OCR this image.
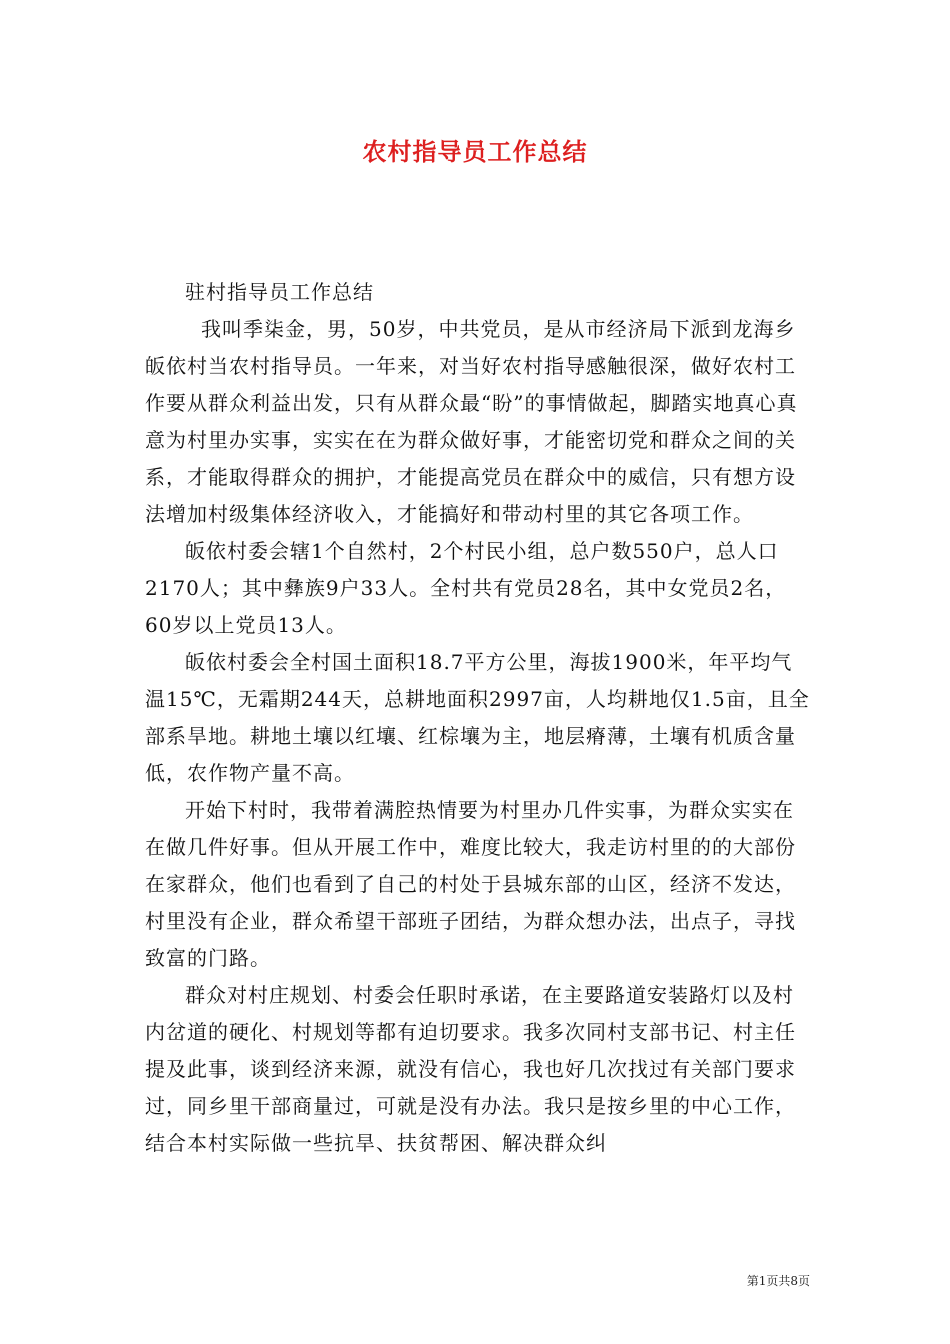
农村指导员工作总结

驻村指导员工作总结

我叫季柒金，男，50岁，中共党员，是从市经济局下派到龙海乡皈依村当农村指导员。一年来，对当好农村指导感触很深，做好农村工作要从群众利益出发，只有从群众最“盼”的事情做起，脚踏实地真心真意为村里办实事，实实在在为群众做好事，才能密切党和群众之间的关系，才能取得群众的拥护，才能提高党员在群众中的威信，只有想方设法增加村级集体经济收入，才能搞好和带动村里的其它各项工作。

皈依村委会辖1个自然村，2个村民小组，总户数550户，总人口2170人；其中彝族9户33人。全村共有党员28名，其中女党员2名，60岁以上党员13人。

皈依村委会全村国土面积18.7平方公里，海拔1900米，年平均气温15℃，无霜期244天，总耕地面积2997亩，人均耕地仅1.5亩，且全部系旱地。耕地土壤以红壤、红棕壤为主，地层瘠薄，土壤有机质含量低，农作物产量不高。

开始下村时，我带着满腔热情要为村里办几件实事，为群众实实在在做几件好事。但从开展工作中，难度比较大，我走访村里的的大部份在家群众，他们也看到了自己的村处于县城东部的山区，经济不发达，村里没有企业，群众希望干部班子团结，为群众想办法，出点子，寻找致富的门路。

群众对村庄规划、村委会任职时承诺，在主要路道安装路灯以及村内岔道的硬化、村规划等都有迫切要求。我多次同村支部书记、村主任提及此事，谈到经济来源，就没有信心，我也好几次找过有关部门要求过，同乡里干部商量过，可就是没有办法。我只是按乡里的中心工作，结合本村实际做一些抗旱、扶贫帮困、解决群众纠

第1页共8页
